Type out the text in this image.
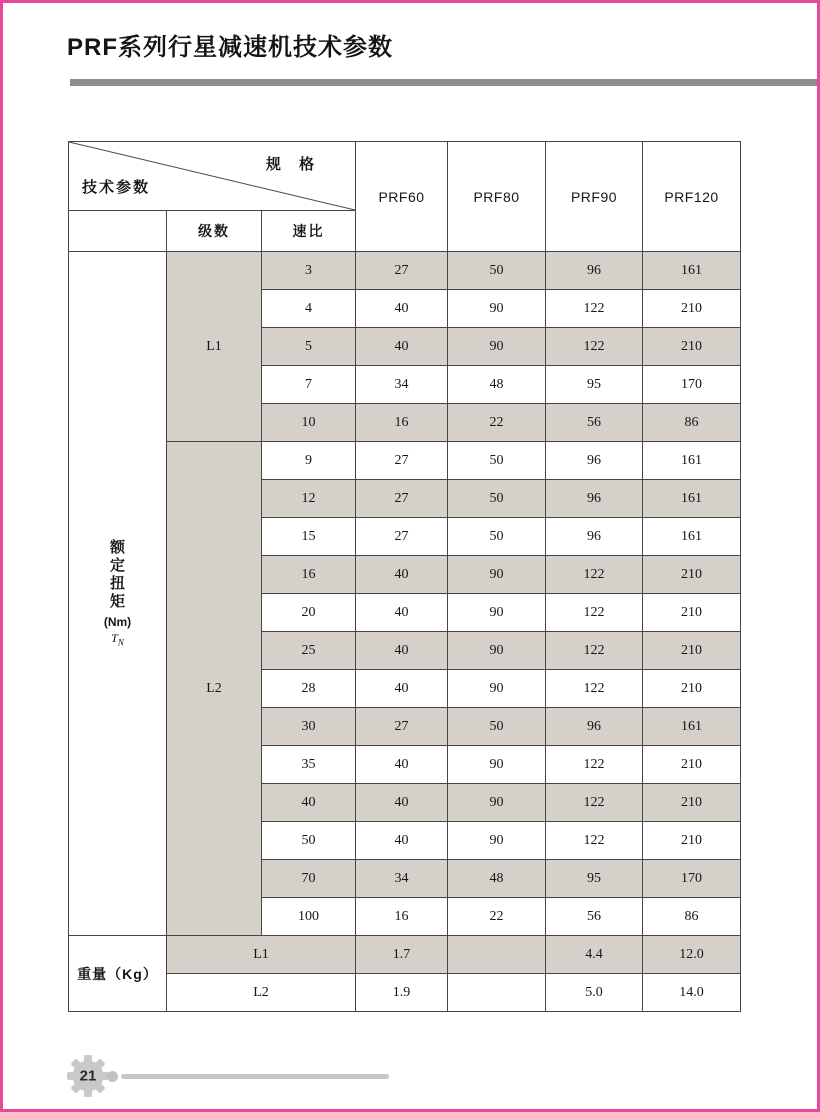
PRF系列行星减速机技术参数
规 格
技术参数			PRF60	PRF80	PRF90	PRF120
	级数	速比				

额
定
扭
矩
(Nm)
$T_N$
	L1	3	27	50	96	161
		4	40	90	122	210
		5	40	90	122	210
		7	34	48	95	170
		10	16	22	56	86
	L2	9	27	50	96	161
		12	27	50	96	161
		15	27	50	96	161
		16	40	90	122	210
		20	40	90	122	210
		25	40	90	122	210
		28	40	90	122	210
		30	27	50	96	161
		35	40	90	122	210
		40	40	90	122	210
		50	40	90	122	210
		70	34	48	95	170
		100	16	22	56	86
重量（Kg）	L1		1.7		4.4	12.0
	L2		1.9		5.0	14.0
21
